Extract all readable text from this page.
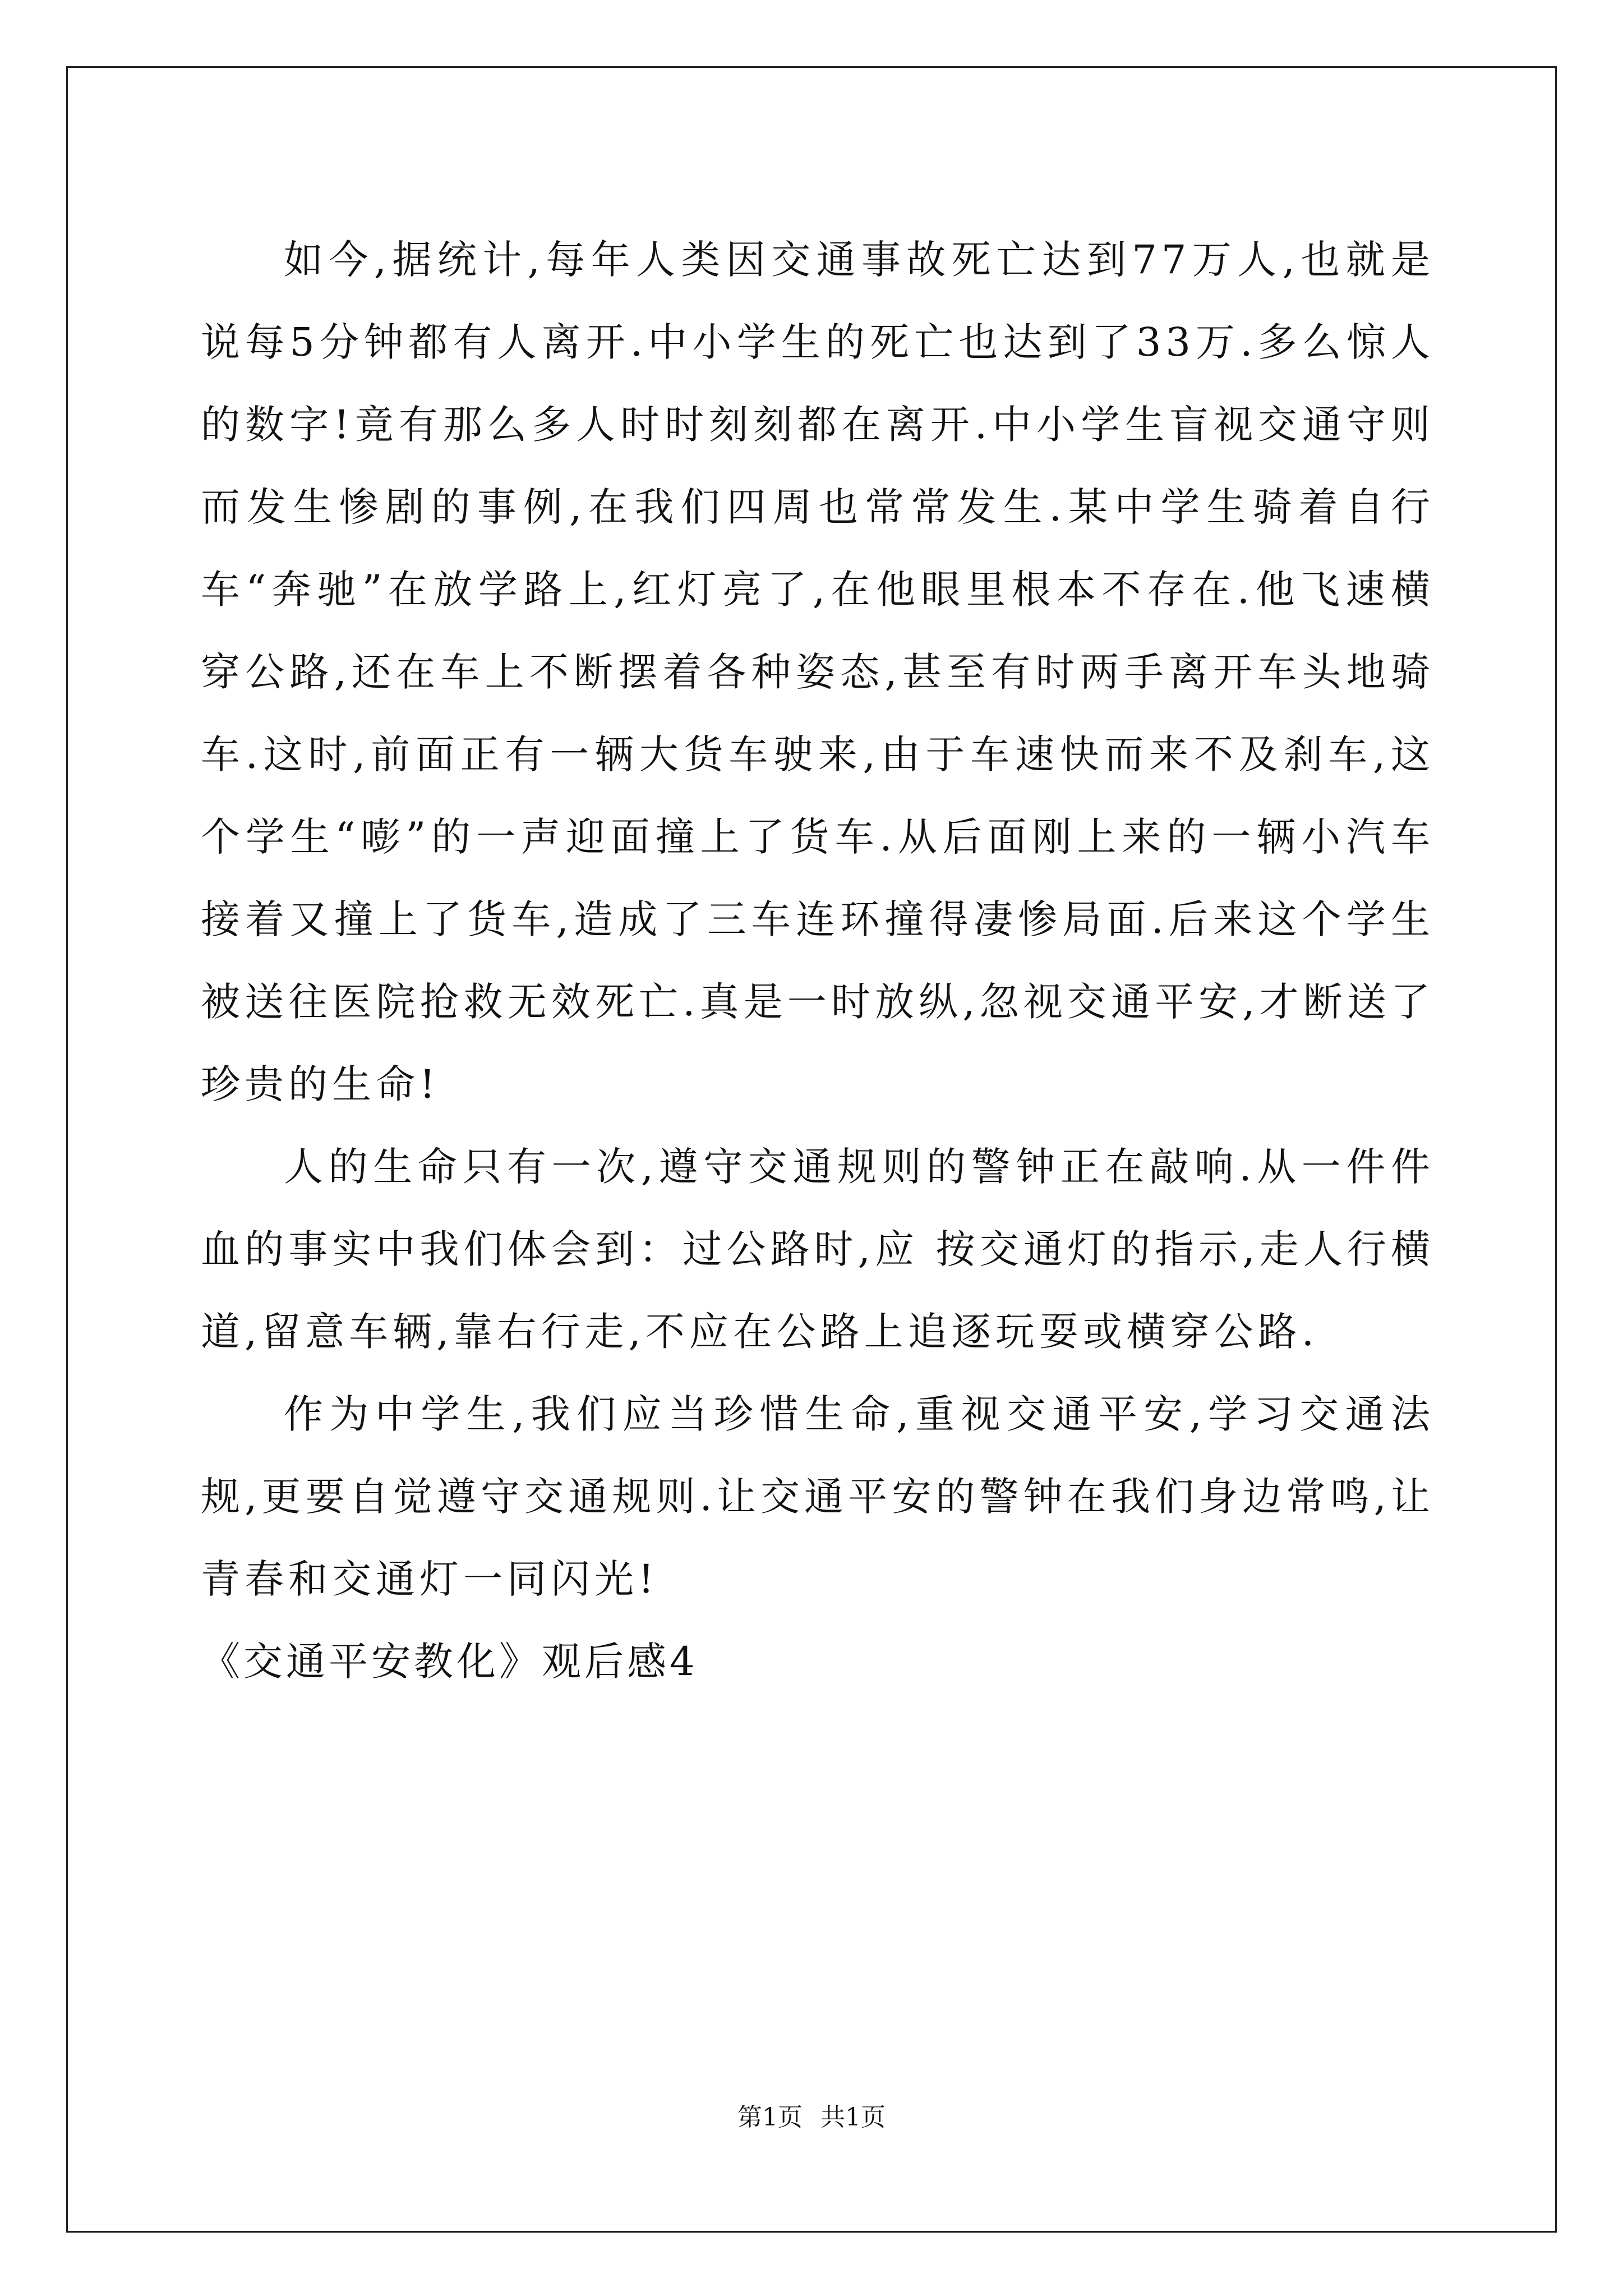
如今,据统计,每年人类因交通事故死亡达到77万人,也就是说每5分钟都有人离开.中小学生的死亡也达到了33万.多么惊人的数字!竟有那么多人时时刻刻都在离开.中小学生盲视交通守则而发生惨剧的事例,在我们四周也常常发生.某中学生骑着自行车“奔驰”在放学路上,红灯亮了,在他眼里根本不存在.他飞速横穿公路,还在车上不断摆着各种姿态,甚至有时两手离开车头地骑车.这时,前面正有一辆大货车驶来,由于车速快而来不及刹车,这个学生“嘭”的一声迎面撞上了货车.从后面刚上来的一辆小汽车接着又撞上了货车,造成了三车连环撞得凄惨局面.后来这个学生被送往医院抢救无效死亡.真是一时放纵,忽视交通平安,才断送了珍贵的生命!

人的生命只有一次,遵守交通规则的警钟正在敲响.从一件件血的事实中我们体会到：过公路时,应 按交通灯的指示,走人行横道,留意车辆,靠右行走,不应在公路上追逐玩耍或横穿公路.

作为中学生,我们应当珍惜生命,重视交通平安,学习交通法规,更要自觉遵守交通规则.让交通平安的警钟在我们身边常鸣,让青春和交通灯一同闪光!

《交通平安教化》观后感4

第1页 共1页
